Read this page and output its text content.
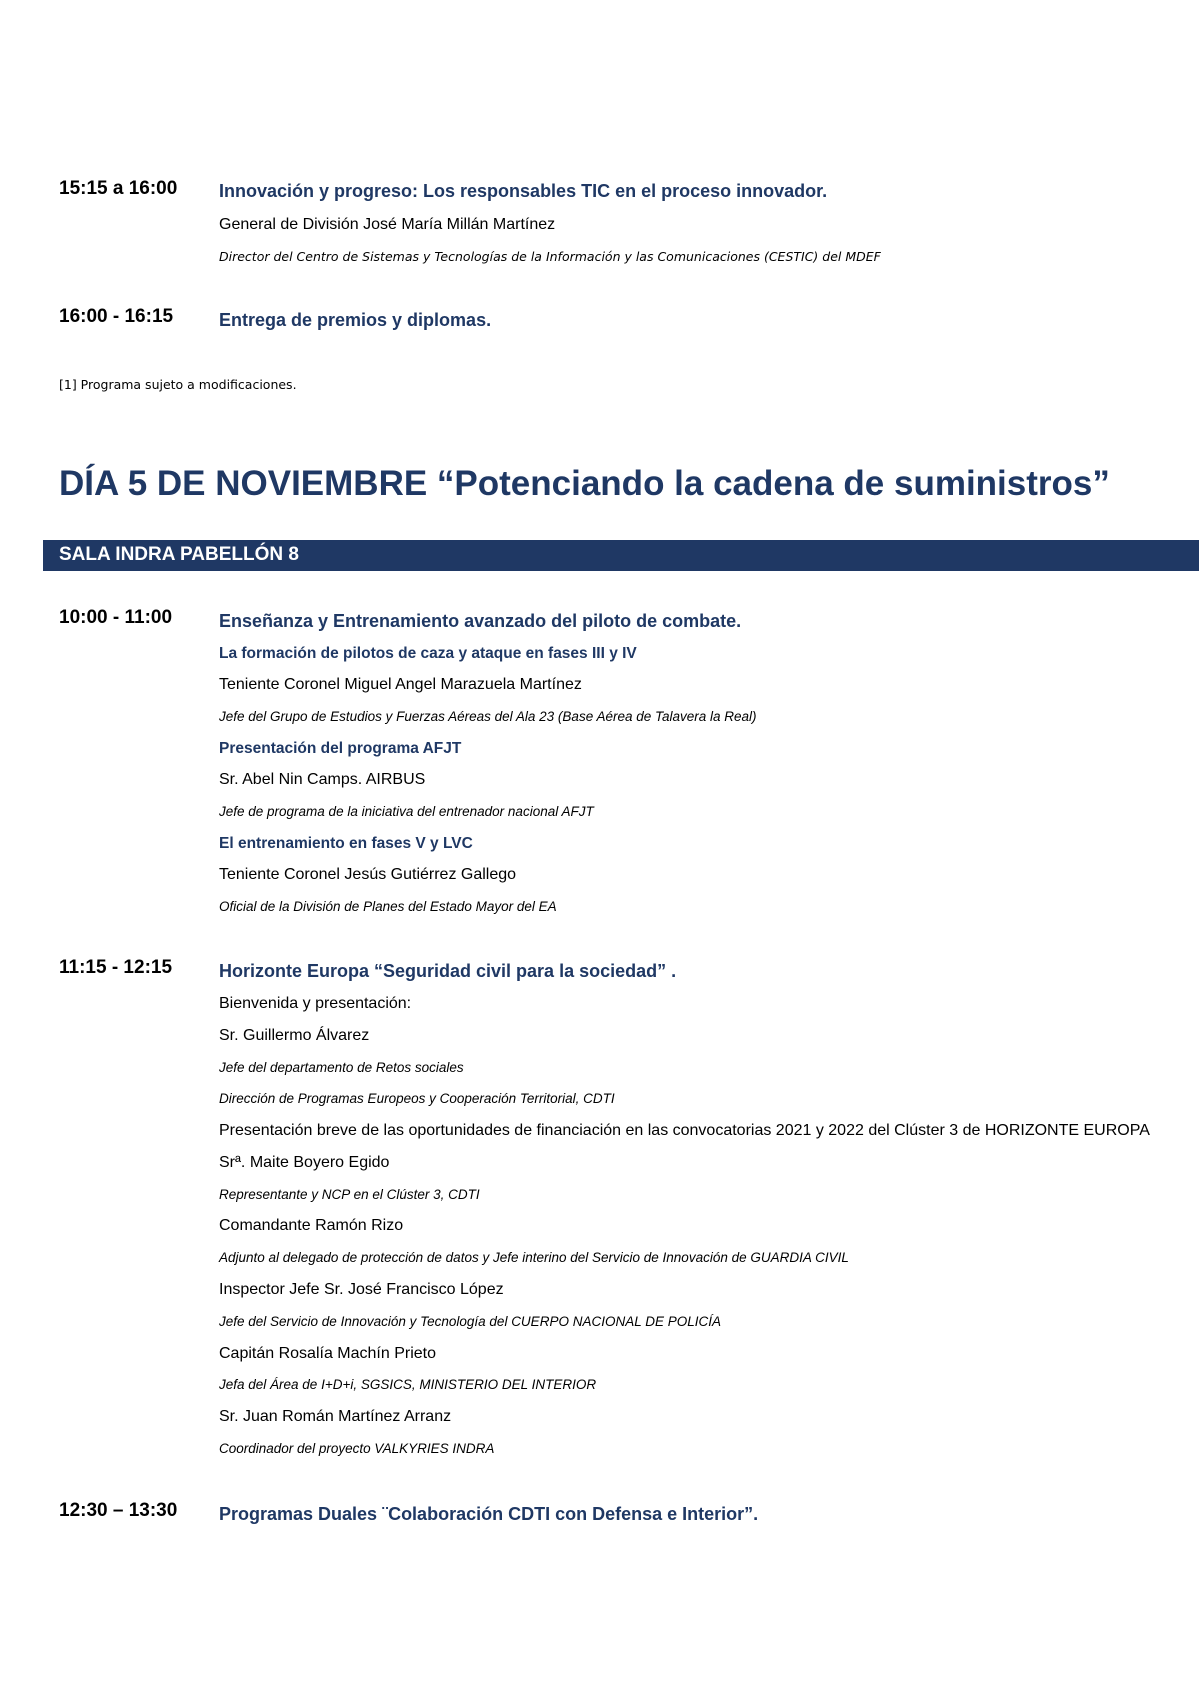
15:15 a 16:00 Innovación y progreso: Los responsables TIC en el proceso innovador.
General de División José María Millán Martínez
Director del Centro de Sistemas y Tecnologías de la Información y las Comunicaciones (CESTIC) del MDEF
16:00 - 16:15	Entrega de premios y diplomas.
[1] Programa sujeto a modificaciones.
DÍA 5 DE NOVIEMBRE “Potenciando la cadena de suministros”
SALA INDRA PABELLÓN 8
10:00 - 11:00	Enseñanza y Entrenamiento avanzado del piloto de combate.
La formación de pilotos de caza y ataque en fases III y IV
Teniente Coronel Miguel Angel Marazuela Martínez
Jefe del Grupo de Estudios y Fuerzas Aéreas del Ala 23 (Base Aérea de Talavera la Real)
Presentación del programa AFJT
Sr. Abel Nin Camps. AIRBUS
Jefe de programa de la iniciativa del entrenador nacional AFJT
El entrenamiento en fases V y LVC
Teniente Coronel Jesús Gutiérrez Gallego
Oficial de la División de Planes del Estado Mayor del EA
11:15 - 12:15	Horizonte Europa “Seguridad civil para la sociedad” .
Bienvenida y presentación:
Sr. Guillermo Álvarez
Jefe del departamento de Retos sociales
Dirección de Programas Europeos y Cooperación Territorial, CDTI
Presentación breve de las oportunidades de financiación en las convocatorias 2021 y 2022 del Clúster 3 de HORIZONTE EUROPA
Srª. Maite Boyero Egido
Representante y NCP en el Clúster 3, CDTI
Comandante Ramón Rizo
Adjunto al delegado de protección de datos y Jefe interino del Servicio de Innovación de GUARDIA CIVIL
Inspector Jefe Sr. José Francisco López
Jefe del Servicio de Innovación y Tecnología del CUERPO NACIONAL DE POLICÍA
Capitán Rosalía Machín Prieto
Jefa del Área de I+D+i, SGSICS, MINISTERIO DEL INTERIOR
Sr. Juan Román Martínez Arranz
Coordinador del proyecto VALKYRIES INDRA
12:30 – 13:30 Programas Duales ¨Colaboración CDTI con Defensa e Interior”.
